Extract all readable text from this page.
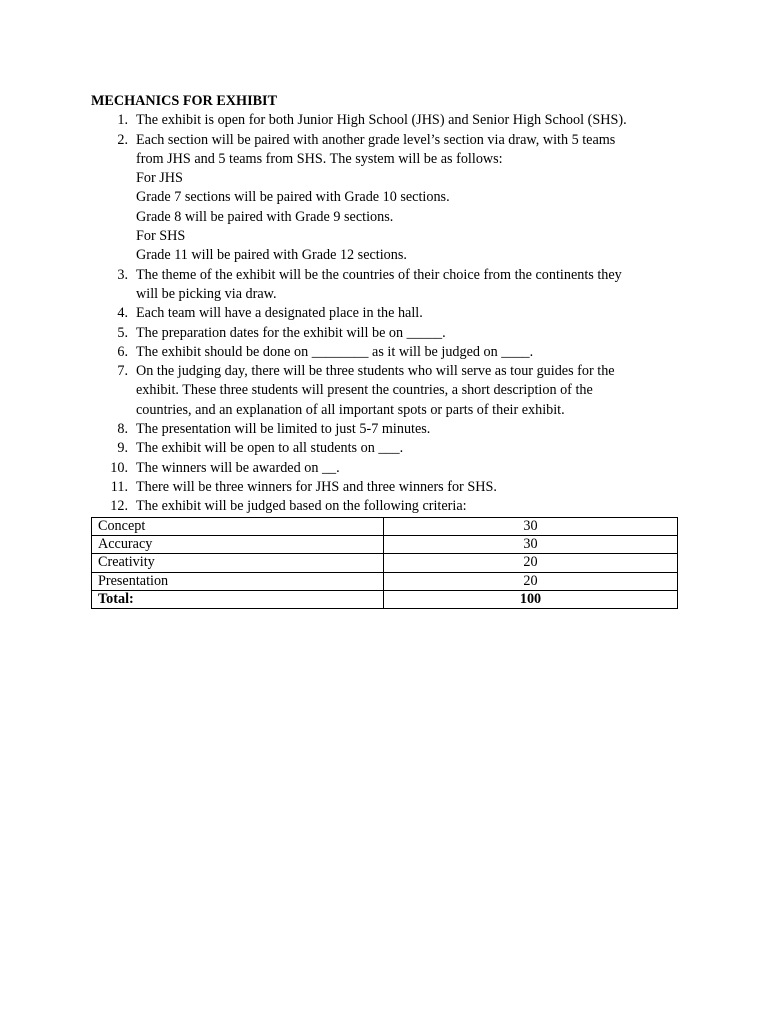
MECHANICS FOR EXHIBIT

1. The exhibit is open for both Junior High School (JHS) and Senior High School (SHS).
2. Each section will be paired with another grade level’s section via draw, with 5 teams
from JHS and 5 teams from SHS. The system will be as follows:
For JHS
Grade 7 sections will be paired with Grade 10 sections.
Grade 8 will be paired with Grade 9 sections.
For SHS
Grade 11 will be paired with Grade 12 sections.
3. The theme of the exhibit will be the countries of their choice from the continents they
will be picking via draw.
4. Each team will have a designated place in the hall.
5. The preparation dates for the exhibit will be on _____.
6. The exhibit should be done on ________ as it will be judged on ____.
7. On the judging day, there will be three students who will serve as tour guides for the
exhibit. These three students will present the countries, a short description of the
countries, and an explanation of all important spots or parts of their exhibit.
8. The presentation will be limited to just 5-7 minutes.
9. The exhibit will be open to all students on ___.
10. The winners will be awarded on __.
11. There will be three winners for JHS and three winners for SHS.
12. The exhibit will be judged based on the following criteria:
Concept	30
Accuracy	30
Creativity	20
Presentation	20
Total:	100
